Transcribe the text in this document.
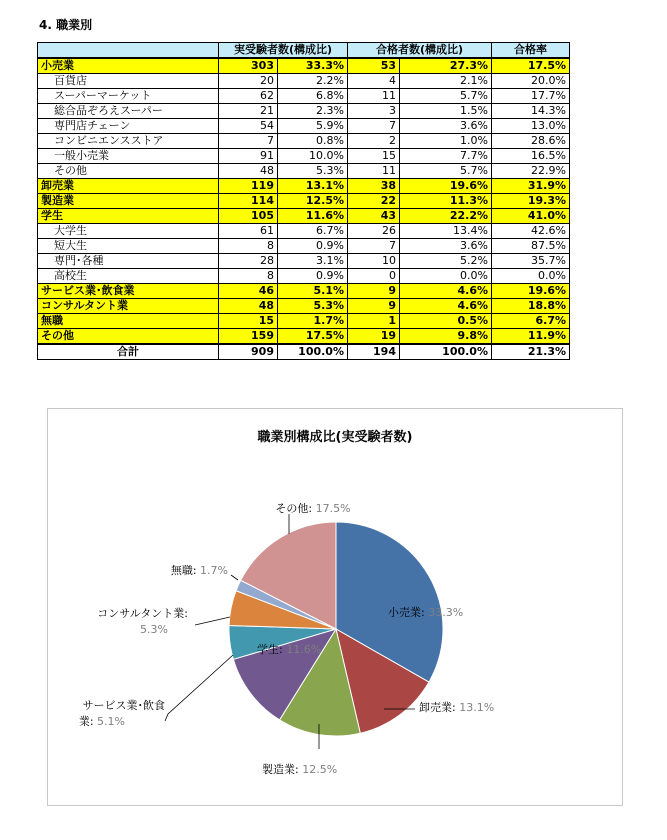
4. 職業別
	実受験者数(構成比)		合格者数(構成比)		合格率
小売業	303	33.3%	53	27.3%	17.5%
百貨店	20	2.2%	4	2.1%	20.0%
スーパーマーケット	62	6.8%	11	5.7%	17.7%
総合品ぞろえスーパー	21	2.3%	3	1.5%	14.3%
専門店チェーン	54	5.9%	7	3.6%	13.0%
コンビニエンスストア	7	0.8%	2	1.0%	28.6%
一般小売業	91	10.0%	15	7.7%	16.5%
その他	48	5.3%	11	5.7%	22.9%
卸売業	119	13.1%	38	19.6%	31.9%
製造業	114	12.5%	22	11.3%	19.3%
学生	105	11.6%	43	22.2%	41.0%
大学生	61	6.7%	26	13.4%	42.6%
短大生	8	0.9%	7	3.6%	87.5%
専門･各種	28	3.1%	10	5.2%	35.7%
高校生	8	0.9%	0	0.0%	0.0%
サービス業･飲食業	46	5.1%	9	4.6%	19.6%
コンサルタント業	48	5.3%	9	4.6%	18.8%
無職	15	1.7%	1	0.5%	6.7%
その他	159	17.5%	19	9.8%	11.9%
合計	909	100.0%	194	100.0%	21.3%
職業別構成比(実受験者数)
小売業: 33.3%
卸売業: 13.1%
製造業: 12.5%
学生: 11.6%
サービス業･飲食業: 5.1%
コンサルタント業: 5.3%
無職: 1.7%
その他: 17.5%
